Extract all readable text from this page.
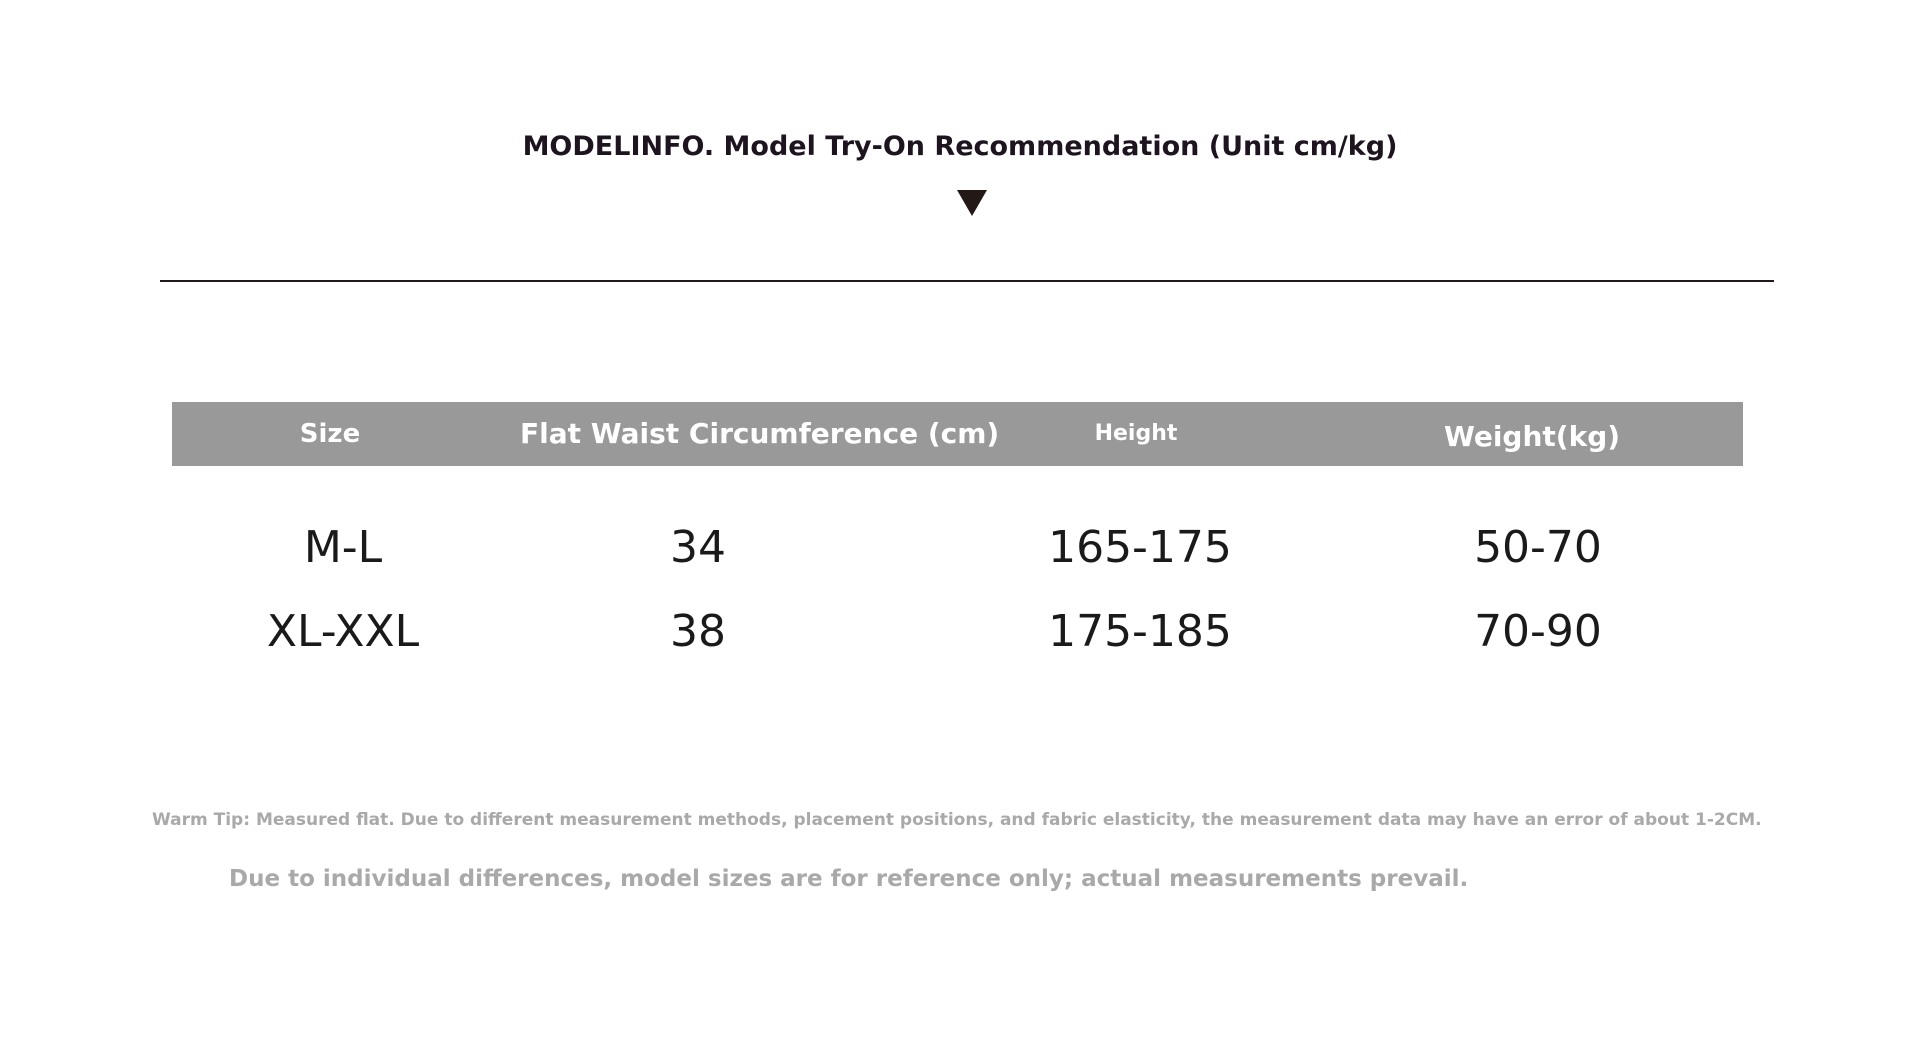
MODELINFO. Model Try-On Recommendation (Unit cm/kg)
Size	Flat Waist Circumference (cm)	Height	Weight(kg)
M-L	34	165-175	50-70
XL-XXL	38	175-185	70-90
Warm Tip: Measured flat. Due to different measurement methods, placement positions, and fabric elasticity, the measurement data may have an error of about 1-2CM.
Due to individual differences, model sizes are for reference only; actual measurements prevail.
